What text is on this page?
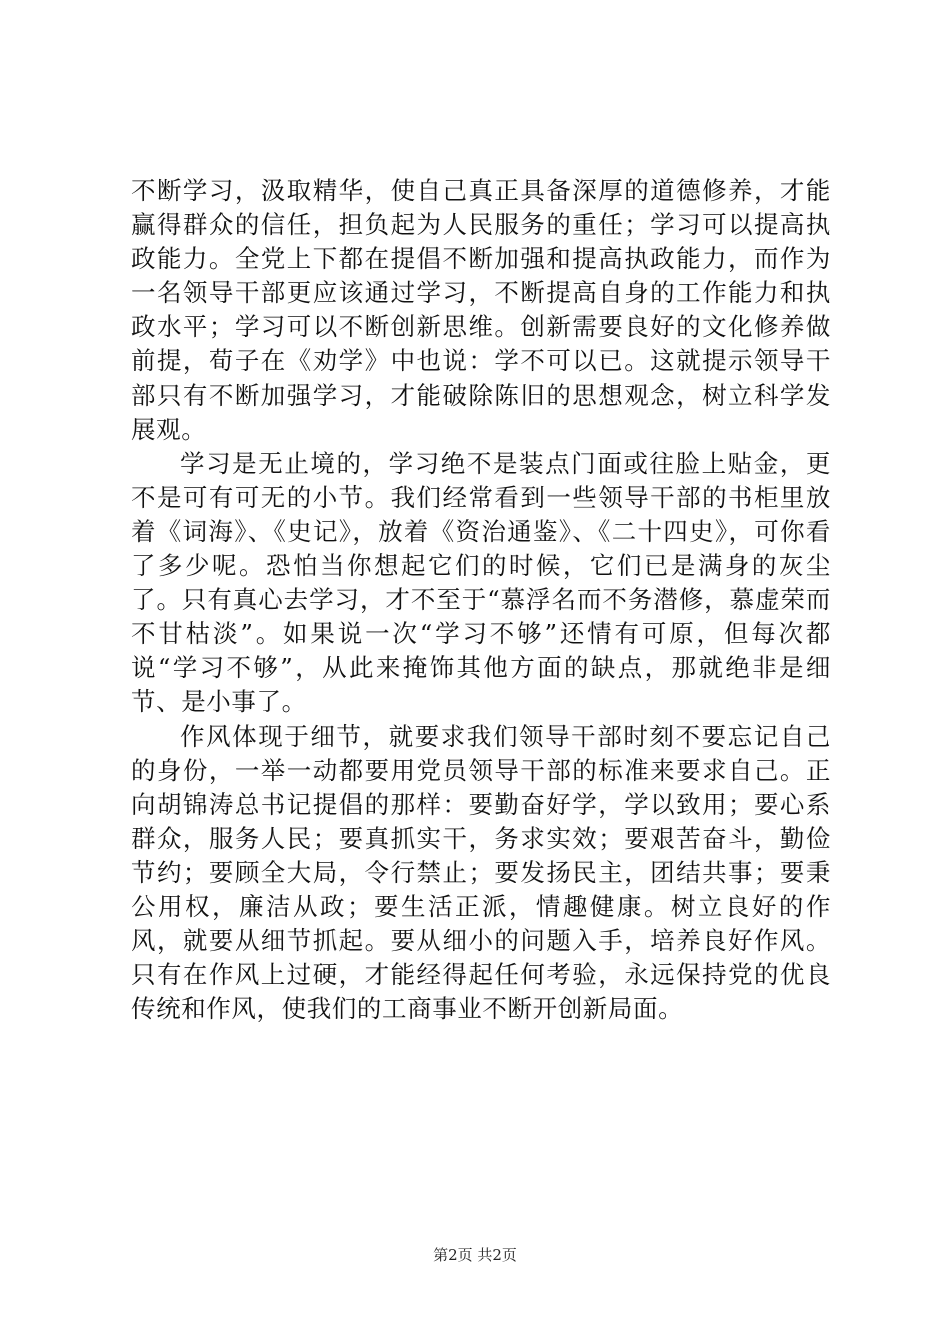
不断学习，汲取精华，使自己真正具备深厚的道德修养，才能赢得群众的信任，担负起为人民服务的重任；学习可以提高执政能力。全党上下都在提倡不断加强和提高执政能力，而作为一名领导干部更应该通过学习，不断提高自身的工作能力和执政水平；学习可以不断创新思维。创新需要良好的文化修养做前提，荀子在《劝学》中也说：学不可以已。这就提示领导干部只有不断加强学习，才能破除陈旧的思想观念，树立科学发展观。

学习是无止境的，学习绝不是装点门面或往脸上贴金，更不是可有可无的小节。我们经常看到一些领导干部的书柜里放着《词海》、《史记》，放着《资治通鉴》、《二十四史》，可你看了多少呢。恐怕当你想起它们的时候，它们已是满身的灰尘了。只有真心去学习，才不至于“慕浮名而不务潜修，慕虚荣而不甘枯淡”。如果说一次“学习不够”还情有可原，但每次都说“学习不够”，从此来掩饰其他方面的缺点，那就绝非是细节、是小事了。

作风体现于细节，就要求我们领导干部时刻不要忘记自己的身份，一举一动都要用党员领导干部的标准来要求自己。正向胡锦涛总书记提倡的那样：要勤奋好学，学以致用；要心系群众，服务人民；要真抓实干，务求实效；要艰苦奋斗，勤俭节约；要顾全大局，令行禁止；要发扬民主，团结共事；要秉公用权，廉洁从政；要生活正派，情趣健康。树立良好的作风，就要从细节抓起。要从细小的问题入手，培养良好作风。只有在作风上过硬，才能经得起任何考验，永远保持党的优良传统和作风，使我们的工商事业不断开创新局面。

第2页 共2页
